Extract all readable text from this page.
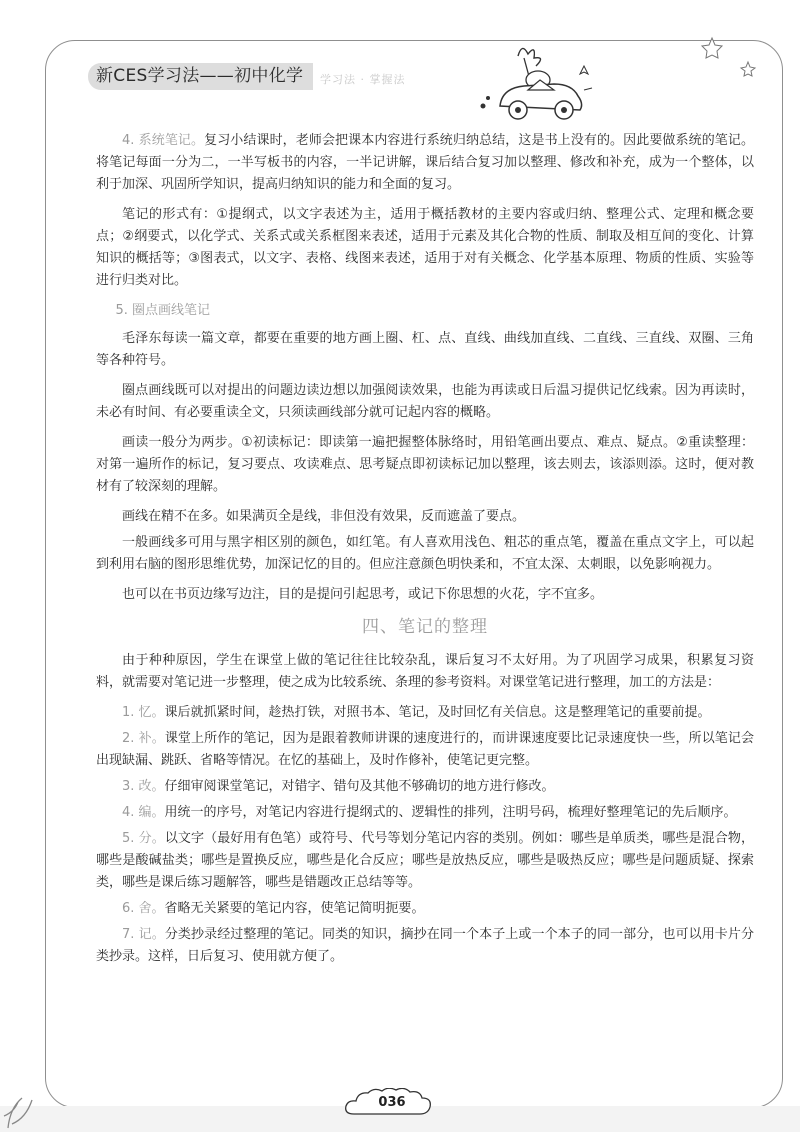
新CES学习法——初中化学 学习法 · 掌握法

4. 系统笔记。复习小结课时，老师会把课本内容进行系统归纳总结，这是书上没有的。因此要做系统的笔记。将笔记每面一分为二，一半写板书的内容，一半记讲解，课后结合复习加以整理、修改和补充，成为一个整体，以利于加深、巩固所学知识，提高归纳知识的能力和全面的复习。

笔记的形式有：①提纲式，以文字表述为主，适用于概括教材的主要内容或归纳、整理公式、定理和概念要点；②纲要式，以化学式、关系式或关系框图来表述，适用于元素及其化合物的性质、制取及相互间的变化、计算知识的概括等；③图表式，以文字、表格、线图来表述，适用于对有关概念、化学基本原理、物质的性质、实验等进行归类对比。

5. 圈点画线笔记

毛泽东每读一篇文章，都要在重要的地方画上圈、杠、点、直线、曲线加直线、二直线、三直线、双圈、三角等各种符号。

圈点画线既可以对提出的问题边读边想以加强阅读效果，也能为再读或日后温习提供记忆线索。因为再读时，未必有时间、有必要重读全文，只须读画线部分就可记起内容的概略。

画读一般分为两步。①初读标记：即读第一遍把握整体脉络时，用铅笔画出要点、难点、疑点。②重读整理：对第一遍所作的标记，复习要点、攻读难点、思考疑点即初读标记加以整理，该去则去，该添则添。这时，便对教材有了较深刻的理解。

画线在精不在多。如果满页全是线，非但没有效果，反而遮盖了要点。

一般画线多可用与黑字相区别的颜色，如红笔。有人喜欢用浅色、粗芯的重点笔，覆盖在重点文字上，可以起到利用右脑的图形思维优势，加深记忆的目的。但应注意颜色明快柔和，不宜太深、太刺眼，以免影响视力。

也可以在书页边缘写边注，目的是提问引起思考，或记下你思想的火花，字不宜多。

四、笔记的整理

由于种种原因，学生在课堂上做的笔记往往比较杂乱，课后复习不太好用。为了巩固学习成果，积累复习资料，就需要对笔记进一步整理，使之成为比较系统、条理的参考资料。对课堂笔记进行整理，加工的方法是：

1. 忆。课后就抓紧时间，趁热打铁，对照书本、笔记，及时回忆有关信息。这是整理笔记的重要前提。

2. 补。课堂上所作的笔记，因为是跟着教师讲课的速度进行的，而讲课速度要比记录速度快一些，所以笔记会出现缺漏、跳跃、省略等情况。在忆的基础上，及时作修补，使笔记更完整。

3. 改。仔细审阅课堂笔记，对错字、错句及其他不够确切的地方进行修改。

4. 编。用统一的序号，对笔记内容进行提纲式的、逻辑性的排列，注明号码，梳理好整理笔记的先后顺序。

5. 分。以文字（最好用有色笔）或符号、代号等划分笔记内容的类别。例如：哪些是单质类，哪些是混合物，哪些是酸碱盐类；哪些是置换反应，哪些是化合反应；哪些是放热反应，哪些是吸热反应；哪些是问题质疑、探索类，哪些是课后练习题解答，哪些是错题改正总结等等。

6. 舍。省略无关紧要的笔记内容，使笔记简明扼要。

7. 记。分类抄录经过整理的笔记。同类的知识，摘抄在同一个本子上或一个本子的同一部分，也可以用卡片分类抄录。这样，日后复习、使用就方便了。

036
